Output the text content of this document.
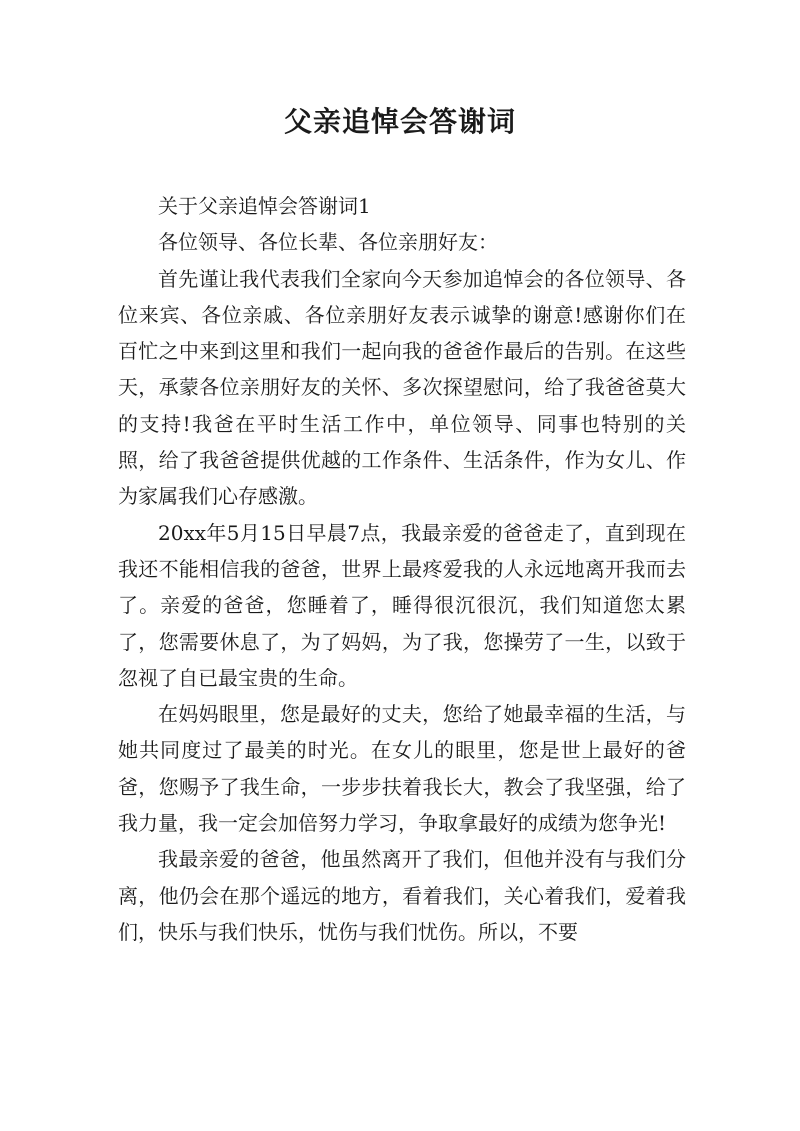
父亲追悼会答谢词

关于父亲追悼会答谢词1

各位领导、各位长辈、各位亲朋好友：

首先谨让我代表我们全家向今天参加追悼会的各位领导、各位来宾、各位亲戚、各位亲朋好友表示诚挚的谢意!感谢你们在百忙之中来到这里和我们一起向我的爸爸作最后的告别。在这些天，承蒙各位亲朋好友的关怀、多次探望慰问，给了我爸爸莫大的支持!我爸在平时生活工作中，单位领导、同事也特别的关照，给了我爸爸提供优越的工作条件、生活条件，作为女儿、作为家属我们心存感激。

20xx年5月15日早晨7点，我最亲爱的爸爸走了，直到现在我还不能相信我的爸爸，世界上最疼爱我的人永远地离开我而去了。亲爱的爸爸，您睡着了，睡得很沉很沉，我们知道您太累了，您需要休息了，为了妈妈，为了我，您操劳了一生，以致于忽视了自已最宝贵的生命。

在妈妈眼里，您是最好的丈夫，您给了她最幸福的生活，与她共同度过了最美的时光。在女儿的眼里，您是世上最好的爸爸，您赐予了我生命，一步步扶着我长大，教会了我坚强，给了我力量，我一定会加倍努力学习，争取拿最好的成绩为您争光!

我最亲爱的爸爸，他虽然离开了我们，但他并没有与我们分离，他仍会在那个遥远的地方，看着我们，关心着我们，爱着我们，快乐与我们快乐，忧伤与我们忧伤。所以，不要
